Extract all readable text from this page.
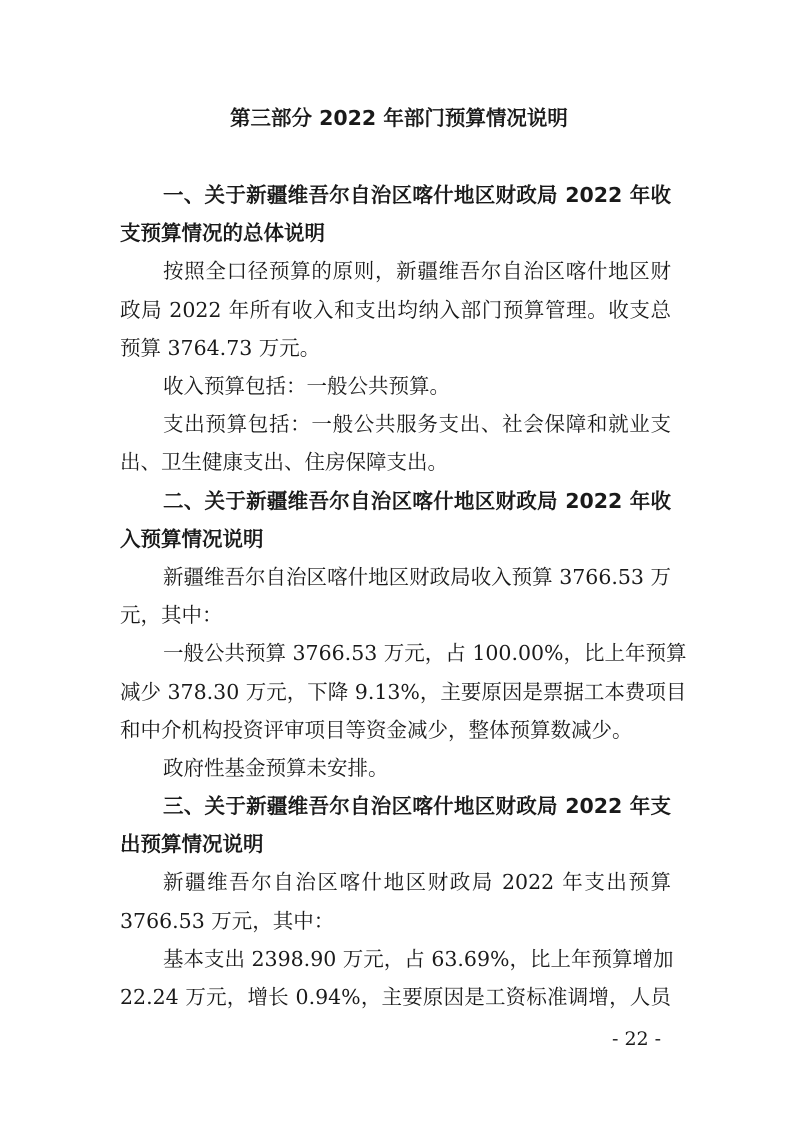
第三部分 2022 年部门预算情况说明
一、关于新疆维吾尔自治区喀什地区财政局 2022 年收
支预算情况的总体说明
按照全口径预算的原则，新疆维吾尔自治区喀什地区财
政局 2022 年所有收入和支出均纳入部门预算管理。收支总
预算 3764.73 万元。
收入预算包括：一般公共预算。
支出预算包括：一般公共服务支出、社会保障和就业支
出、卫生健康支出、住房保障支出。
二、关于新疆维吾尔自治区喀什地区财政局 2022 年收
入预算情况说明
新疆维吾尔自治区喀什地区财政局收入预算 3766.53 万
元，其中：
一般公共预算 3766.53 万元，占 100.00%，比上年预算
减少 378.30 万元，下降 9.13%，主要原因是票据工本费项目
和中介机构投资评审项目等资金减少，整体预算数减少。
政府性基金预算未安排。
三、关于新疆维吾尔自治区喀什地区财政局 2022 年支
出预算情况说明
新疆维吾尔自治区喀什地区财政局 2022 年支出预算
3766.53 万元，其中：
基本支出 2398.90 万元，占 63.69%，比上年预算增加
22.24 万元，增长 0.94%，主要原因是工资标准调增，人员
- 22 -
